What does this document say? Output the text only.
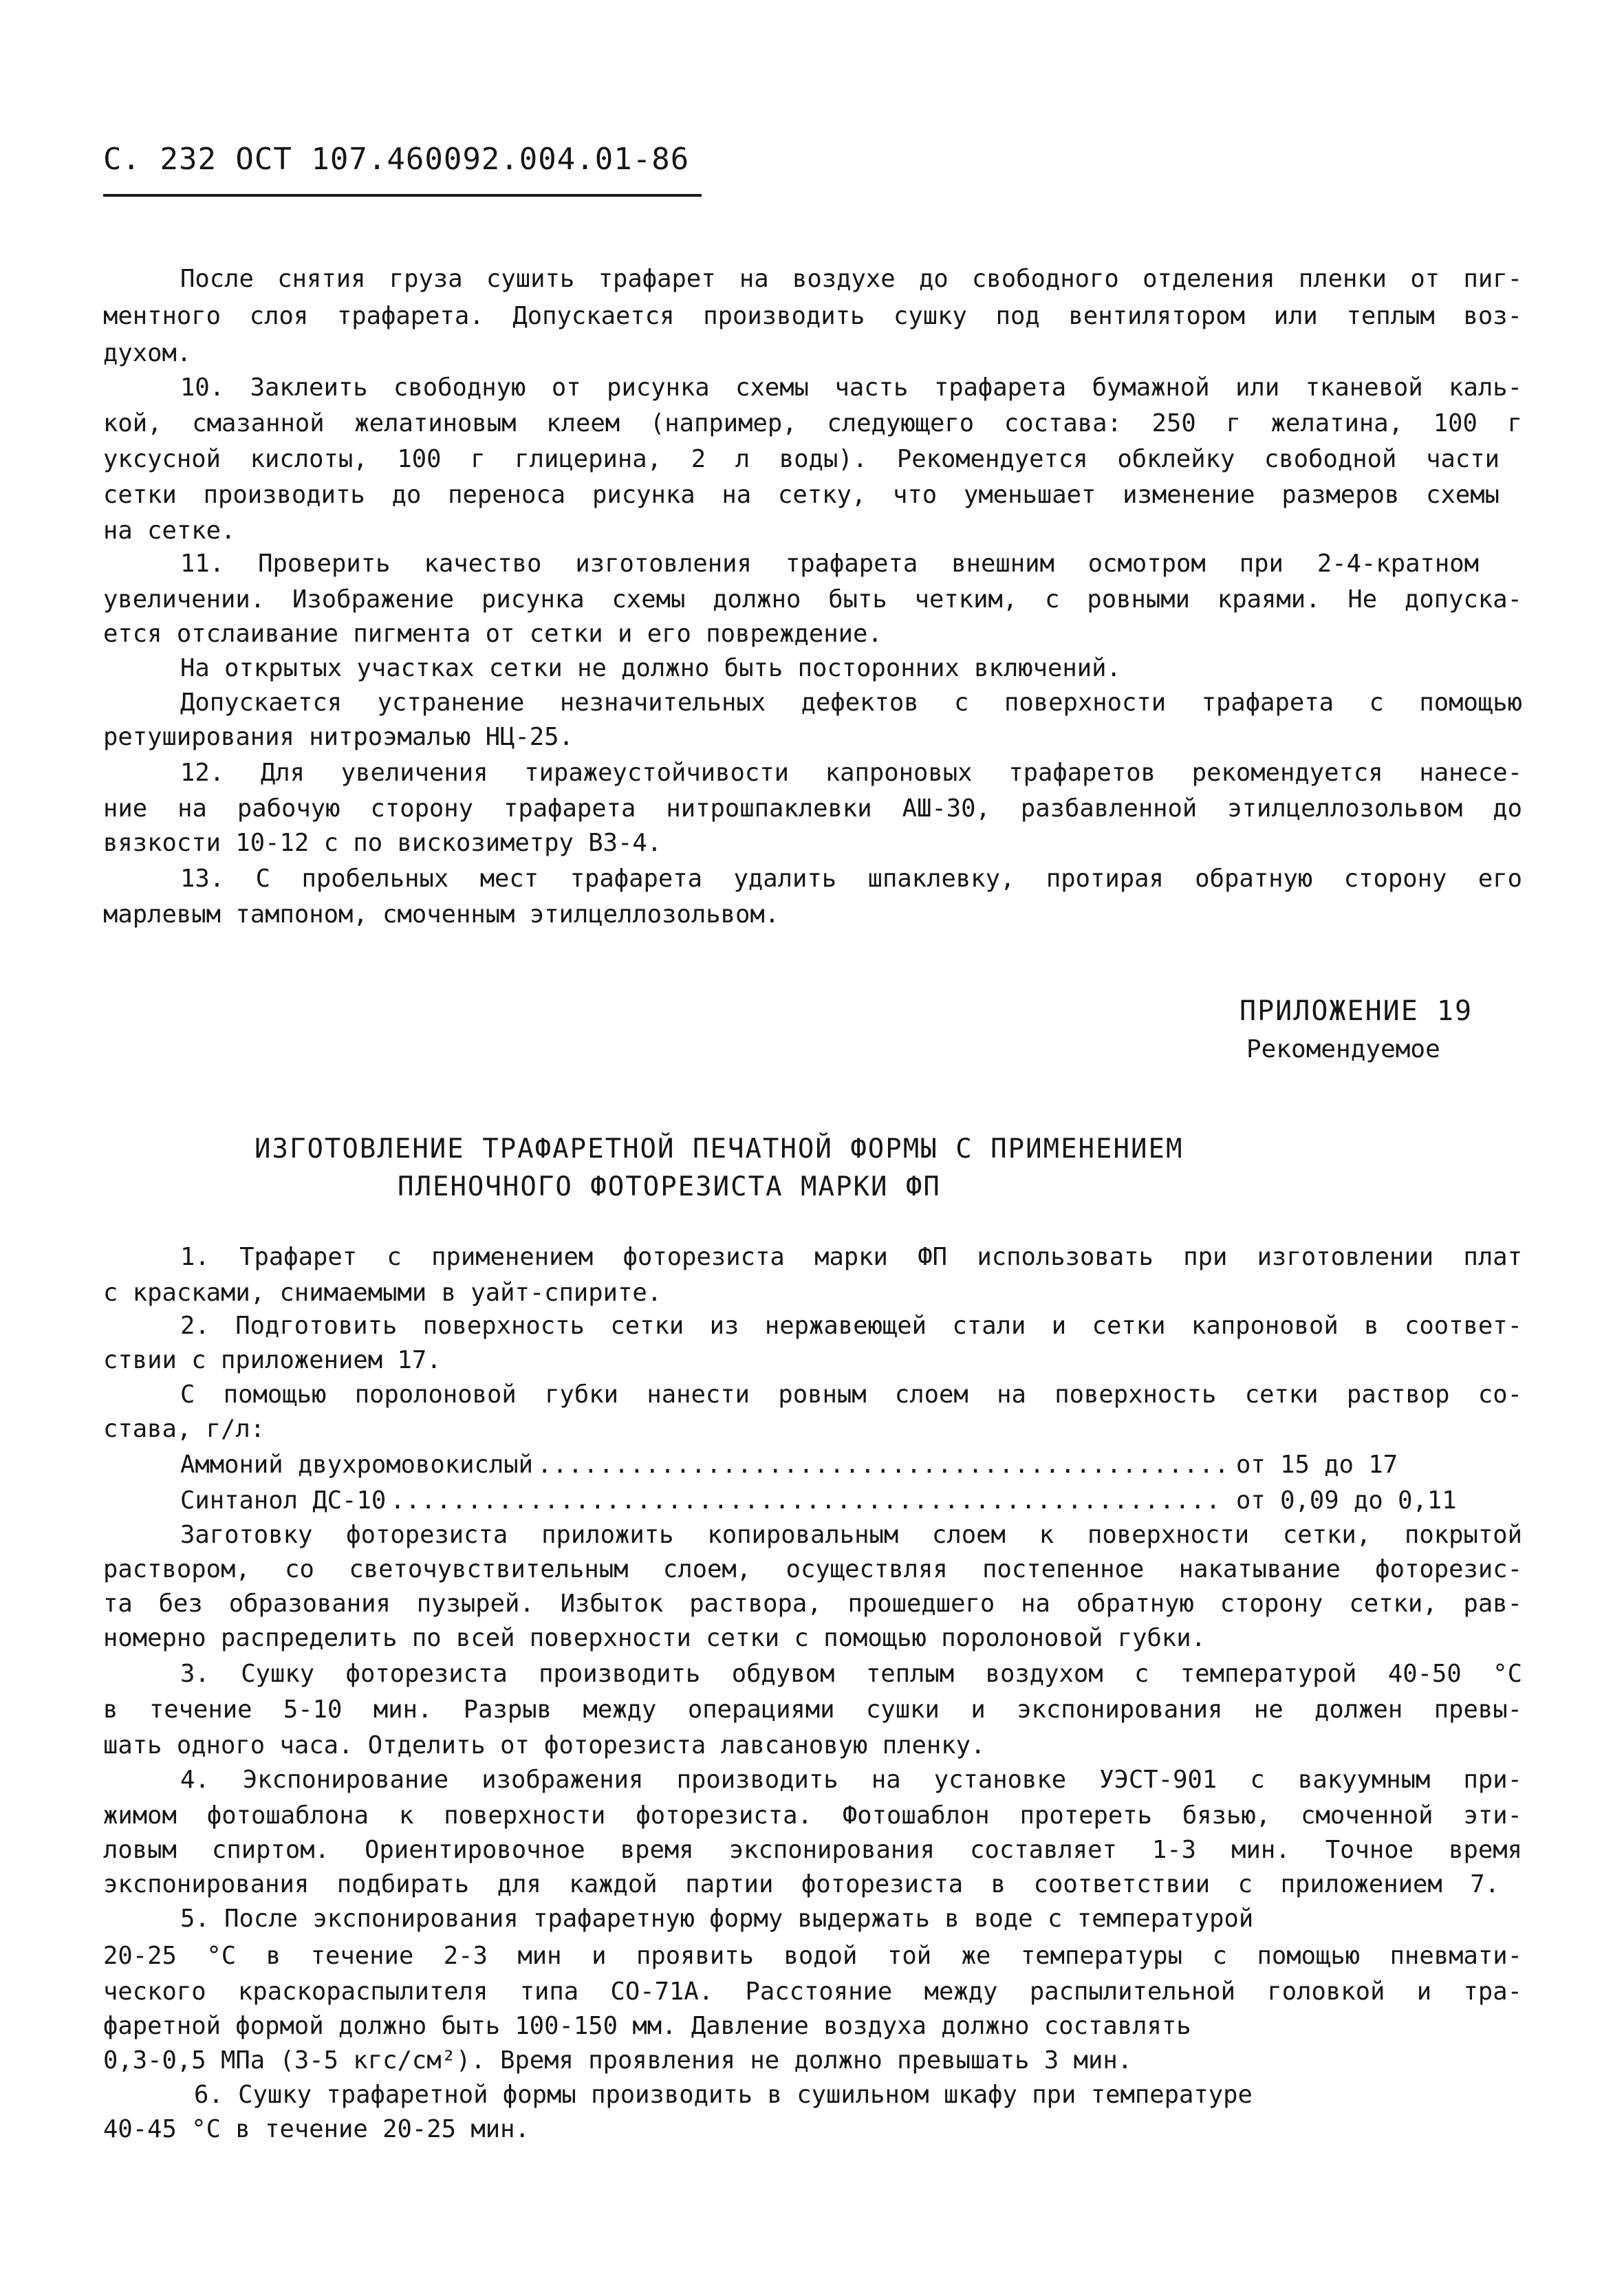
С. 232 ОСТ 107.460092.004.01-86
После снятия груза сушить трафарет на воздухе до свободного отделения пленки от пиг-
ментного слоя трафарета. Допускается производить сушку под вентилятором или теплым воз-
духом.
10. Заклеить свободную от рисунка схемы часть трафарета бумажной или тканевой каль-
кой, смазанной желатиновым клеем (например, следующего состава: 250 г желатина, 100 г
уксусной кислоты, 100 г глицерина, 2 л воды). Рекомендуется обклейку свободной части
сетки производить до переноса рисунка на сетку, что уменьшает изменение размеров схемы
на сетке.
11. Проверить качество изготовления трафарета внешним осмотром при 2-4-кратном
увеличении. Изображение рисунка схемы должно быть четким, с ровными краями. Не допуска-
ется отслаивание пигмента от сетки и его повреждение.
На открытых участках сетки не должно быть посторонних включений.
Допускается устранение незначительных дефектов с поверхности трафарета с помощью
ретуширования нитроэмалью НЦ-25.
12. Для увеличения тиражеустойчивости капроновых трафаретов рекомендуется нанесе-
ние на рабочую сторону трафарета нитрошпаклевки АШ-30, разбавленной этилцеллозольвом до
вязкости 10-12 с по вискозиметру ВЗ-4.
13. С пробельных мест трафарета удалить шпаклевку, протирая обратную сторону его
марлевым тампоном, смоченным этилцеллозольвом.
ПРИЛОЖЕНИЕ 19
Рекомендуемое
ИЗГОТОВЛЕНИЕ ТРАФАРЕТНОЙ ПЕЧАТНОЙ ФОРМЫ С ПРИМЕНЕНИЕМ
ПЛЕНОЧНОГО ФОТОРЕЗИСТА МАРКИ ФП
1. Трафарет с применением фоторезиста марки ФП использовать при изготовлении плат
с красками, снимаемыми в уайт-спирите.
2. Подготовить поверхность сетки из нержавеющей стали и сетки капроновой в соответ-
ствии с приложением 17.
С помощью поролоновой губки нанести ровным слоем на поверхность сетки раствор со-
става, г/л:
Аммоний двухромовокислый .....	от 15 до 17
Синтанол ДС-10 .....	от 0,09 до 0,11
Заготовку фоторезиста приложить копировальным слоем к поверхности сетки, покрытой
раствором, со светочувствительным слоем, осуществляя постепенное накатывание фоторезис-
та без образования пузырей. Избыток раствора, прошедшего на обратную сторону сетки, рав-
номерно распределить по всей поверхности сетки с помощью поролоновой губки.
3. Сушку фоторезиста производить обдувом теплым воздухом с температурой 40-50 °С
в течение 5-10 мин. Разрыв между операциями сушки и экспонирования не должен превы-
шать одного часа. Отделить от фоторезиста лавсановую пленку.
4. Экспонирование изображения производить на установке УЭСТ-901 с вакуумным при-
жимом фотошаблона к поверхности фоторезиста. Фотошаблон протереть бязью, смоченной эти-
ловым спиртом. Ориентировочное время экспонирования составляет 1-3 мин. Точное время
экспонирования подбирать для каждой партии фоторезиста в соответствии с приложением 7.
5. После экспонирования трафаретную форму выдержать в воде с температурой
20-25 °С в течение 2-3 мин и проявить водой той же температуры с помощью пневмати-
ческого краскораспылителя типа СО-71А. Расстояние между распылительной головкой и тра-
фаретной формой должно быть 100-150 мм. Давление воздуха должно составлять
0,3-0,5 МПа (3-5 кгс/см²). Время проявления не должно превышать 3 мин.
6. Сушку трафаретной формы производить в сушильном шкафу при температуре
40-45 °С в течение 20-25 мин.
